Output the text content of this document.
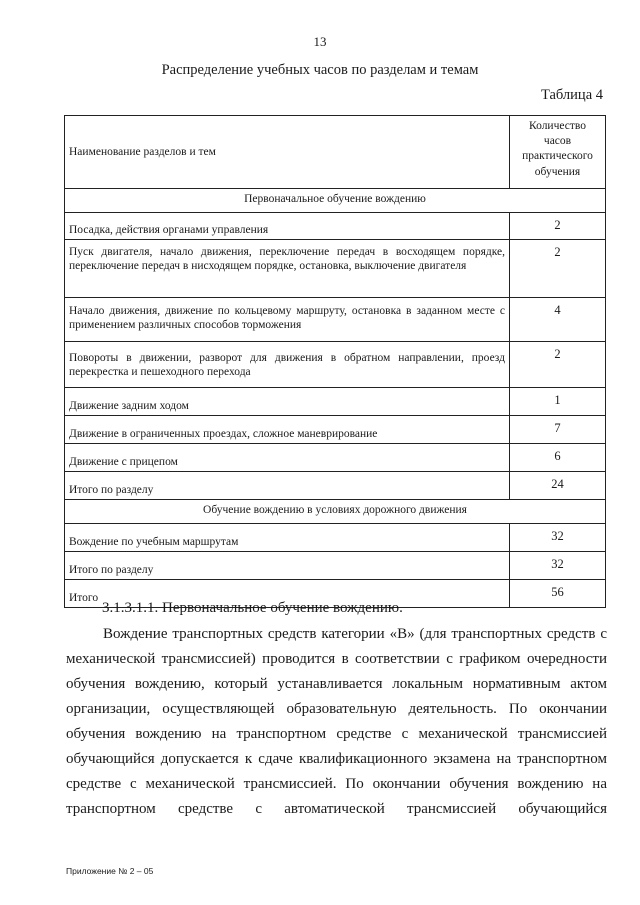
13
Распределение учебных часов по разделам и темам
Таблица 4
Наименование разделов и тем	Количество часов практического обучения
Первоначальное обучение вождению	
Посадка, действия органами управления	2
Пуск двигателя, начало движения, переключение передач в восходящем порядке, переключение передач в нисходящем порядке, остановка, выключение двигателя	2
Начало движения, движение по кольцевому маршруту, остановка в заданном месте с применением различных способов торможения	4
Повороты в движении, разворот для движения в обратном направлении, проезд перекрестка и пешеходного перехода	2
Движение задним ходом	1
Движение в ограниченных проездах, сложное маневрирование	7
Движение с прицепом	6
Итого по разделу	24
Обучение вождению в условиях дорожного движения	
Вождение по учебным маршрутам	32
Итого по разделу	32
Итого	56
3.1.3.1.1. Первоначальное обучение вождению.

Вождение транспортных средств категории «B» (для транспортных средств с механической трансмиссией) проводится в соответствии с графиком очередности обучения вождению, который устанавливается локальным нормативным актом организации, осуществляющей образовательную деятельность. По окончании обучения вождению на транспортном средстве с механической трансмиссией обучающийся допускается к сдаче квалификационного экзамена на транспортном средстве с механической трансмиссией. По окончании обучения вождению на транспортном средстве с автоматической трансмиссией обучающийся

Приложение № 2 – 05
